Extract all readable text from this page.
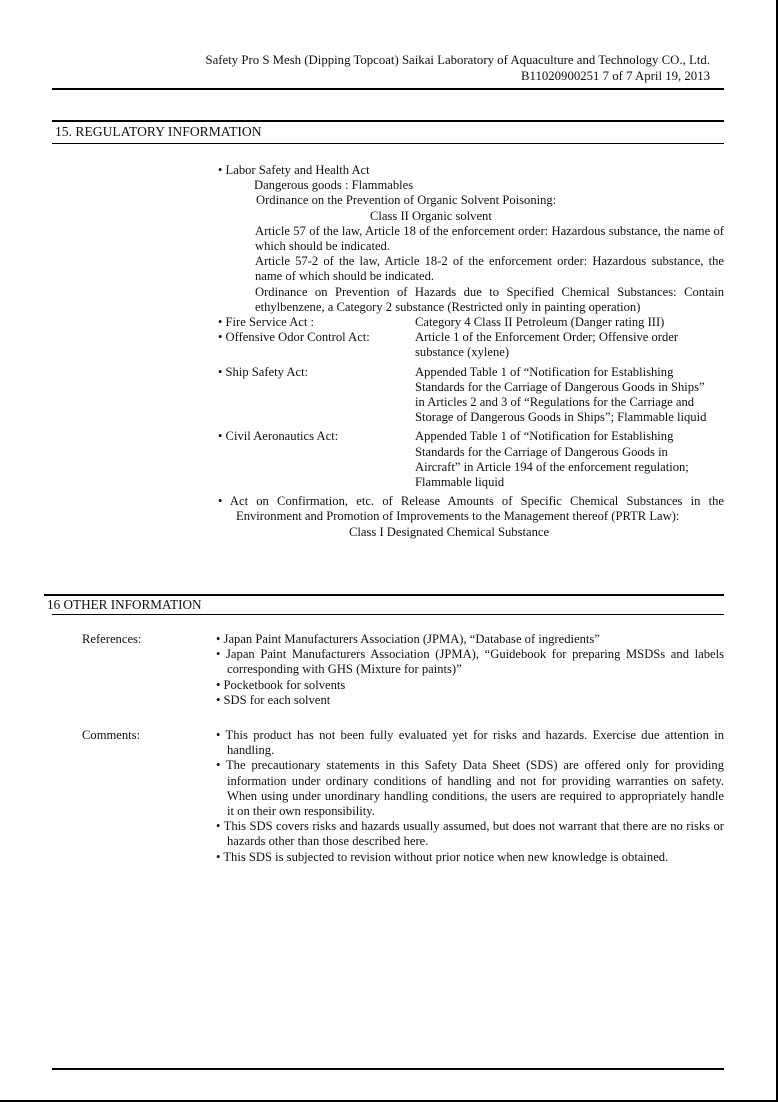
Safety Pro S Mesh (Dipping Topcoat) Saikai Laboratory of Aquaculture and Technology CO., Ltd.
B11020900251 7 of 7 April 19, 2013
15. REGULATORY INFORMATION
• Labor Safety and Health Act
Dangerous goods : Flammables
Ordinance on the Prevention of Organic Solvent Poisoning:
Class II Organic solvent
Article 57 of the law, Article 18 of the enforcement order: Hazardous substance, the name of which should be indicated.
Article 57-2 of the law, Article 18-2 of the enforcement order: Hazardous substance, the name of which should be indicated.
Ordinance on Prevention of Hazards due to Specified Chemical Substances: Contain ethylbenzene, a Category 2 substance (Restricted only in painting operation)
• Fire Service Act :	Category 4 Class II Petroleum (Danger rating III)
• Offensive Odor Control Act:	Article 1 of the Enforcement Order; Offensive order substance (xylene)
• Ship Safety Act:	Appended Table 1 of “Notification for Establishing Standards for the Carriage of Dangerous Goods in Ships” in Articles 2 and 3 of “Regulations for the Carriage and Storage of Dangerous Goods in Ships”; Flammable liquid
• Civil Aeronautics Act:	Appended Table 1 of “Notification for Establishing Standards for the Carriage of Dangerous Goods in Aircraft” in Article 194 of the enforcement regulation; Flammable liquid
• Act on Confirmation, etc. of Release Amounts of Specific Chemical Substances in the Environment and Promotion of Improvements to the Management thereof (PRTR Law):
Class I Designated Chemical Substance
16 OTHER INFORMATION
References:	• Japan Paint Manufacturers Association (JPMA), “Database of ingredients”
• Japan Paint Manufacturers Association (JPMA), “Guidebook for preparing MSDSs and labels corresponding with GHS (Mixture for paints)”
• Pocketbook for solvents
• SDS for each solvent
Comments:	• This product has not been fully evaluated yet for risks and hazards. Exercise due attention in handling.
• The precautionary statements in this Safety Data Sheet (SDS) are offered only for providing information under ordinary conditions of handling and not for providing warranties on safety. When using under unordinary handling conditions, the users are required to appropriately handle it on their own responsibility.
• This SDS covers risks and hazards usually assumed, but does not warrant that there are no risks or hazards other than those described here.
• This SDS is subjected to revision without prior notice when new knowledge is obtained.
